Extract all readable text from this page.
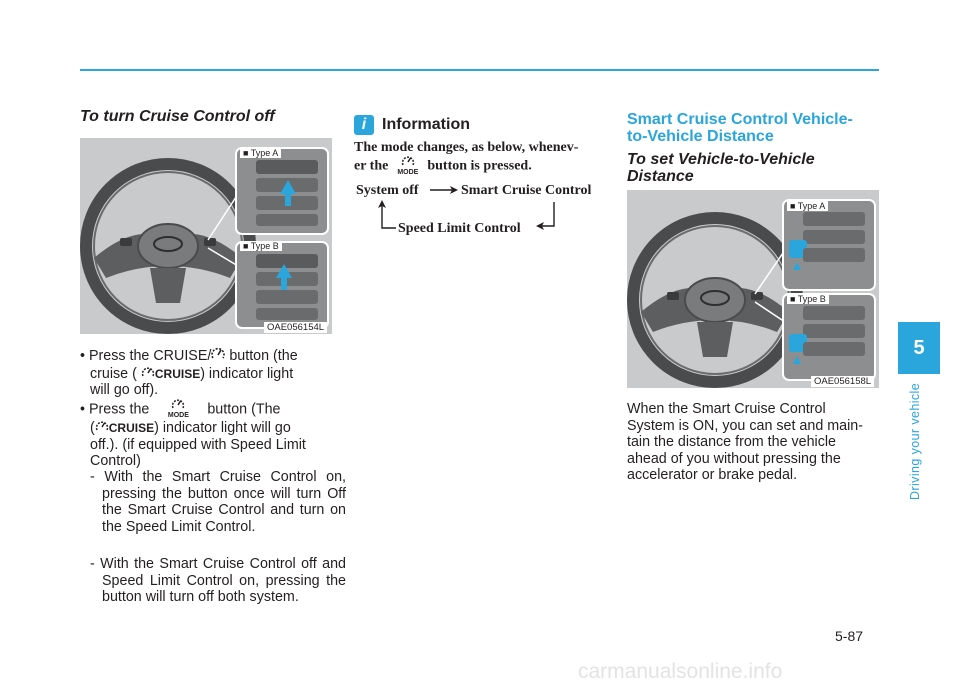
To turn Cruise Control off
■ Type A
■ Type B
OAE056154L
• Press the CRUISE/ button (the
cruise ( CRUISE) indicator light
will go off).
• Press the	MODE button (The
( CRUISE) indicator light will go
off.). (if equipped with Speed Limit
Control)
- With the Smart Cruise Control on, pressing the button once will turn Off the Smart Cruise Control and turn on the Speed Limit Control.
- With the Smart Cruise Control off and Speed Limit Control on, pressing the button will turn off both system.
i Information
The mode changes, as below, whenev-
er the MODE button is pressed.
System off	Smart Cruise Control
Speed Limit Control
Smart Cruise Control Vehicle-
to-Vehicle Distance
To set Vehicle-to-Vehicle
Distance
■ Type A
■ Type B
OAE056158L
When the Smart Cruise Control
System is ON, you can set and main-
tain the distance from the vehicle
ahead of you without pressing the
accelerator or brake pedal.
5
Driving your vehicle
5-87
carmanualsonline.info
